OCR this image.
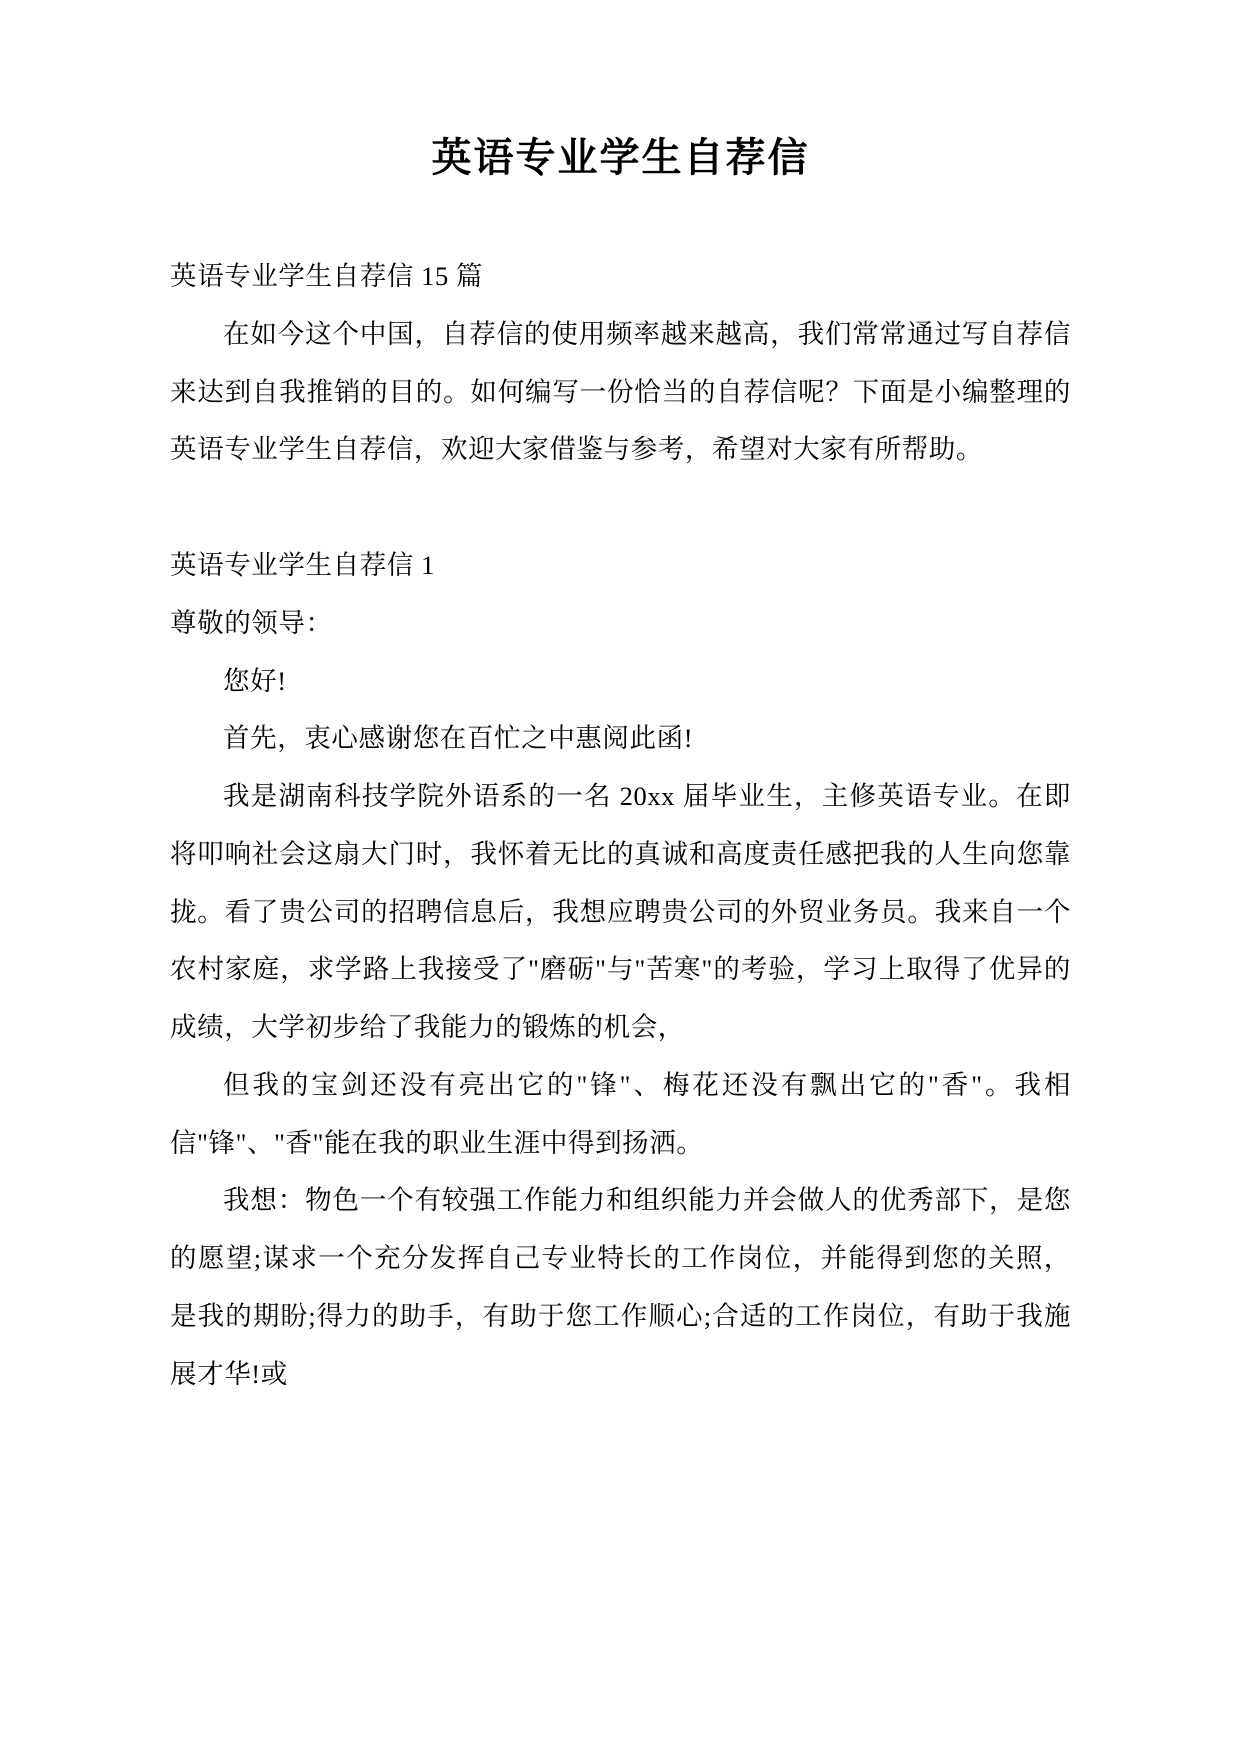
英语专业学生自荐信

英语专业学生自荐信 15 篇

在如今这个中国，自荐信的使用频率越来越高，我们常常通过写自荐信来达到自我推销的目的。如何编写一份恰当的自荐信呢？下面是小编整理的英语专业学生自荐信，欢迎大家借鉴与参考，希望对大家有所帮助。

英语专业学生自荐信 1

尊敬的领导：

您好!

首先，衷心感谢您在百忙之中惠阅此函!

我是湖南科技学院外语系的一名 20xx 届毕业生，主修英语专业。在即将叩响社会这扇大门时，我怀着无比的真诚和高度责任感把我的人生向您靠拢。看了贵公司的招聘信息后，我想应聘贵公司的外贸业务员。我来自一个农村家庭，求学路上我接受了"磨砺"与"苦寒"的考验，学习上取得了优异的成绩，大学初步给了我能力的锻炼的机会，

但我的宝剑还没有亮出它的"锋"、梅花还没有飘出它的"香"。我相信"锋"、"香"能在我的职业生涯中得到扬洒。

我想：物色一个有较强工作能力和组织能力并会做人的优秀部下，是您的愿望;谋求一个充分发挥自己专业特长的工作岗位，并能得到您的关照，是我的期盼;得力的助手，有助于您工作顺心;合适的工作岗位，有助于我施展才华!或
